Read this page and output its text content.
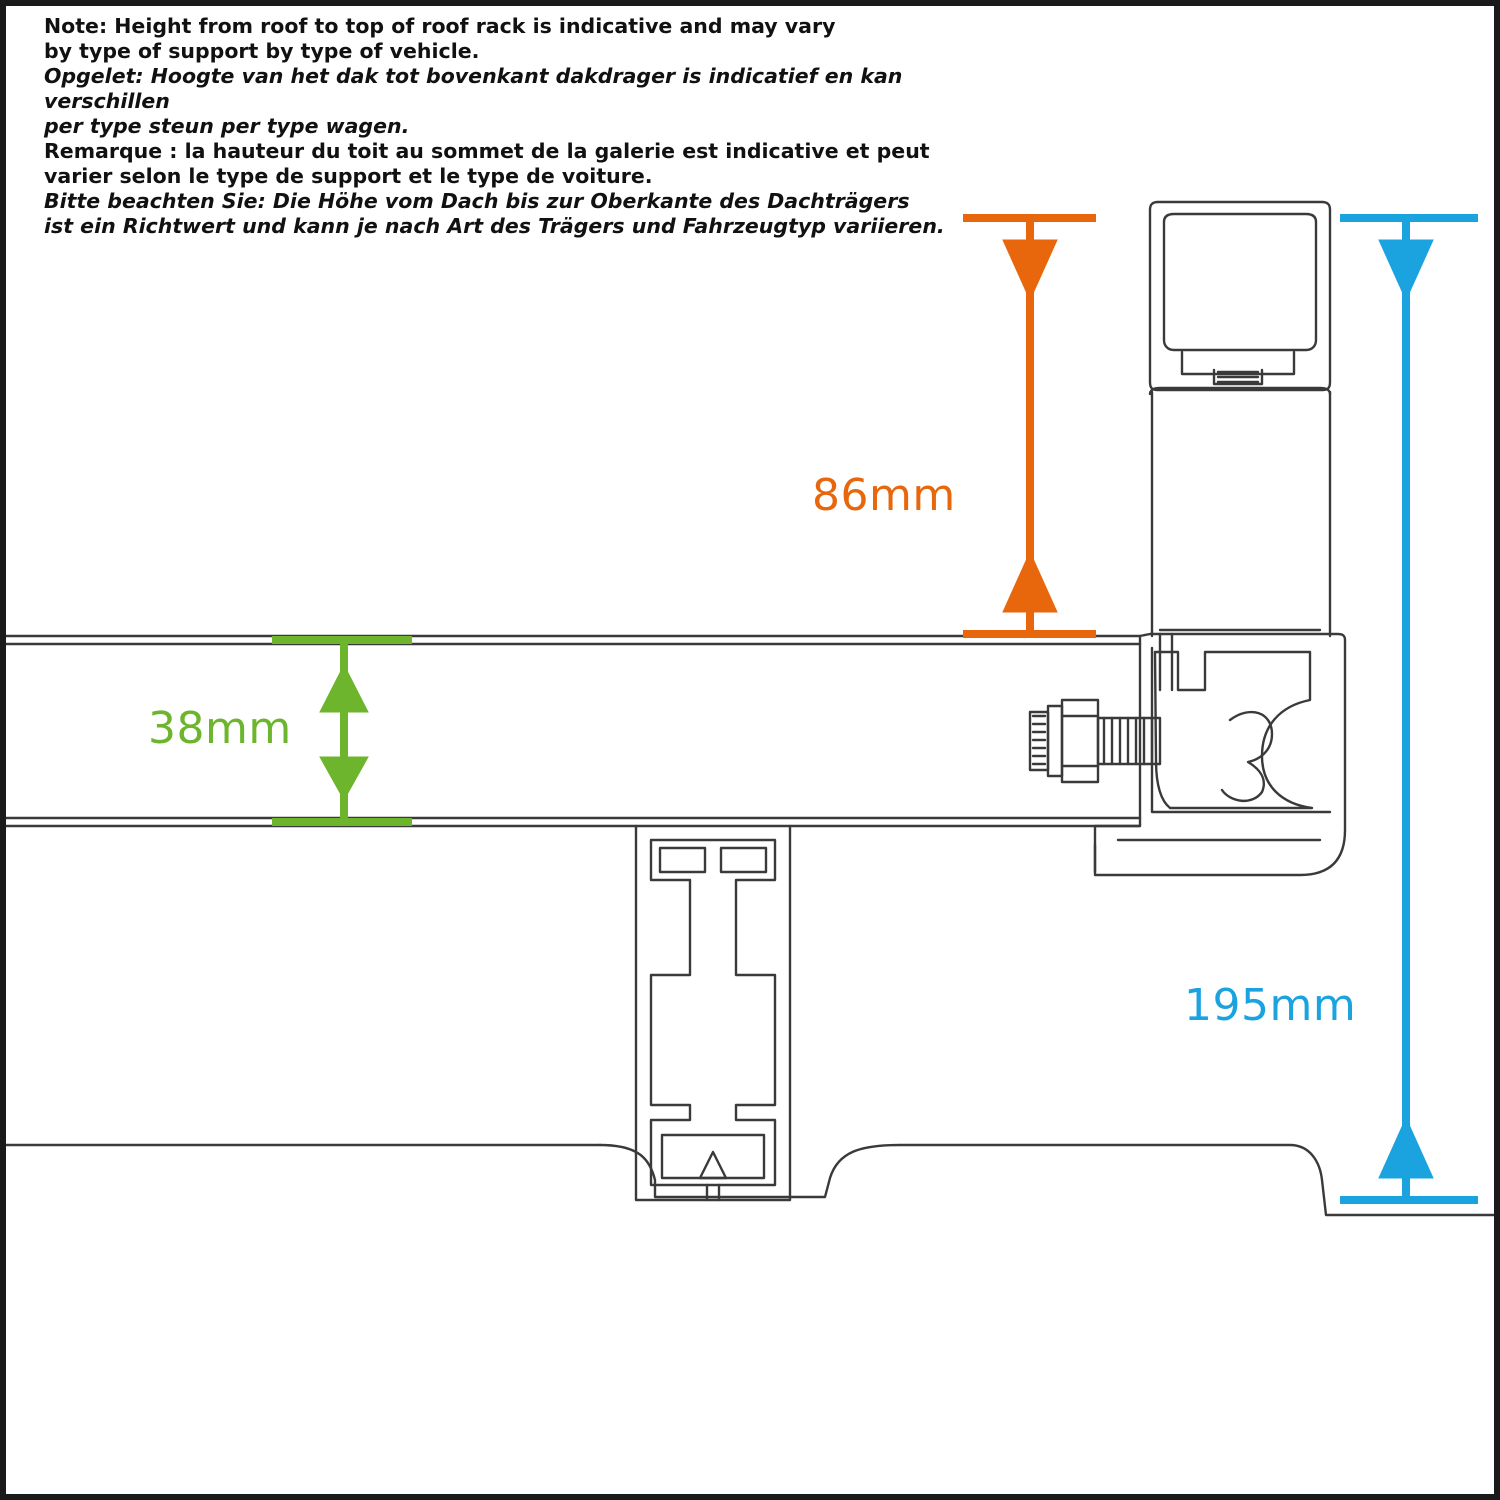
Note: Height from roof to top of roof rack is indicative and may vary
by type of support by type of vehicle.
Opgelet: Hoogte van het dak tot bovenkant dakdrager is indicatief en kan verschillen
per type steun per type wagen.
Remarque : la hauteur du toit au sommet de la galerie est indicative et peut
varier selon le type de support et le type de voiture.
Bitte beachten Sie: Die Höhe vom Dach bis zur Oberkante des Dachträgers
ist ein Richtwert und kann je nach Art des Trägers und Fahrzeugtyp variieren.
86mm
38mm
195mm
